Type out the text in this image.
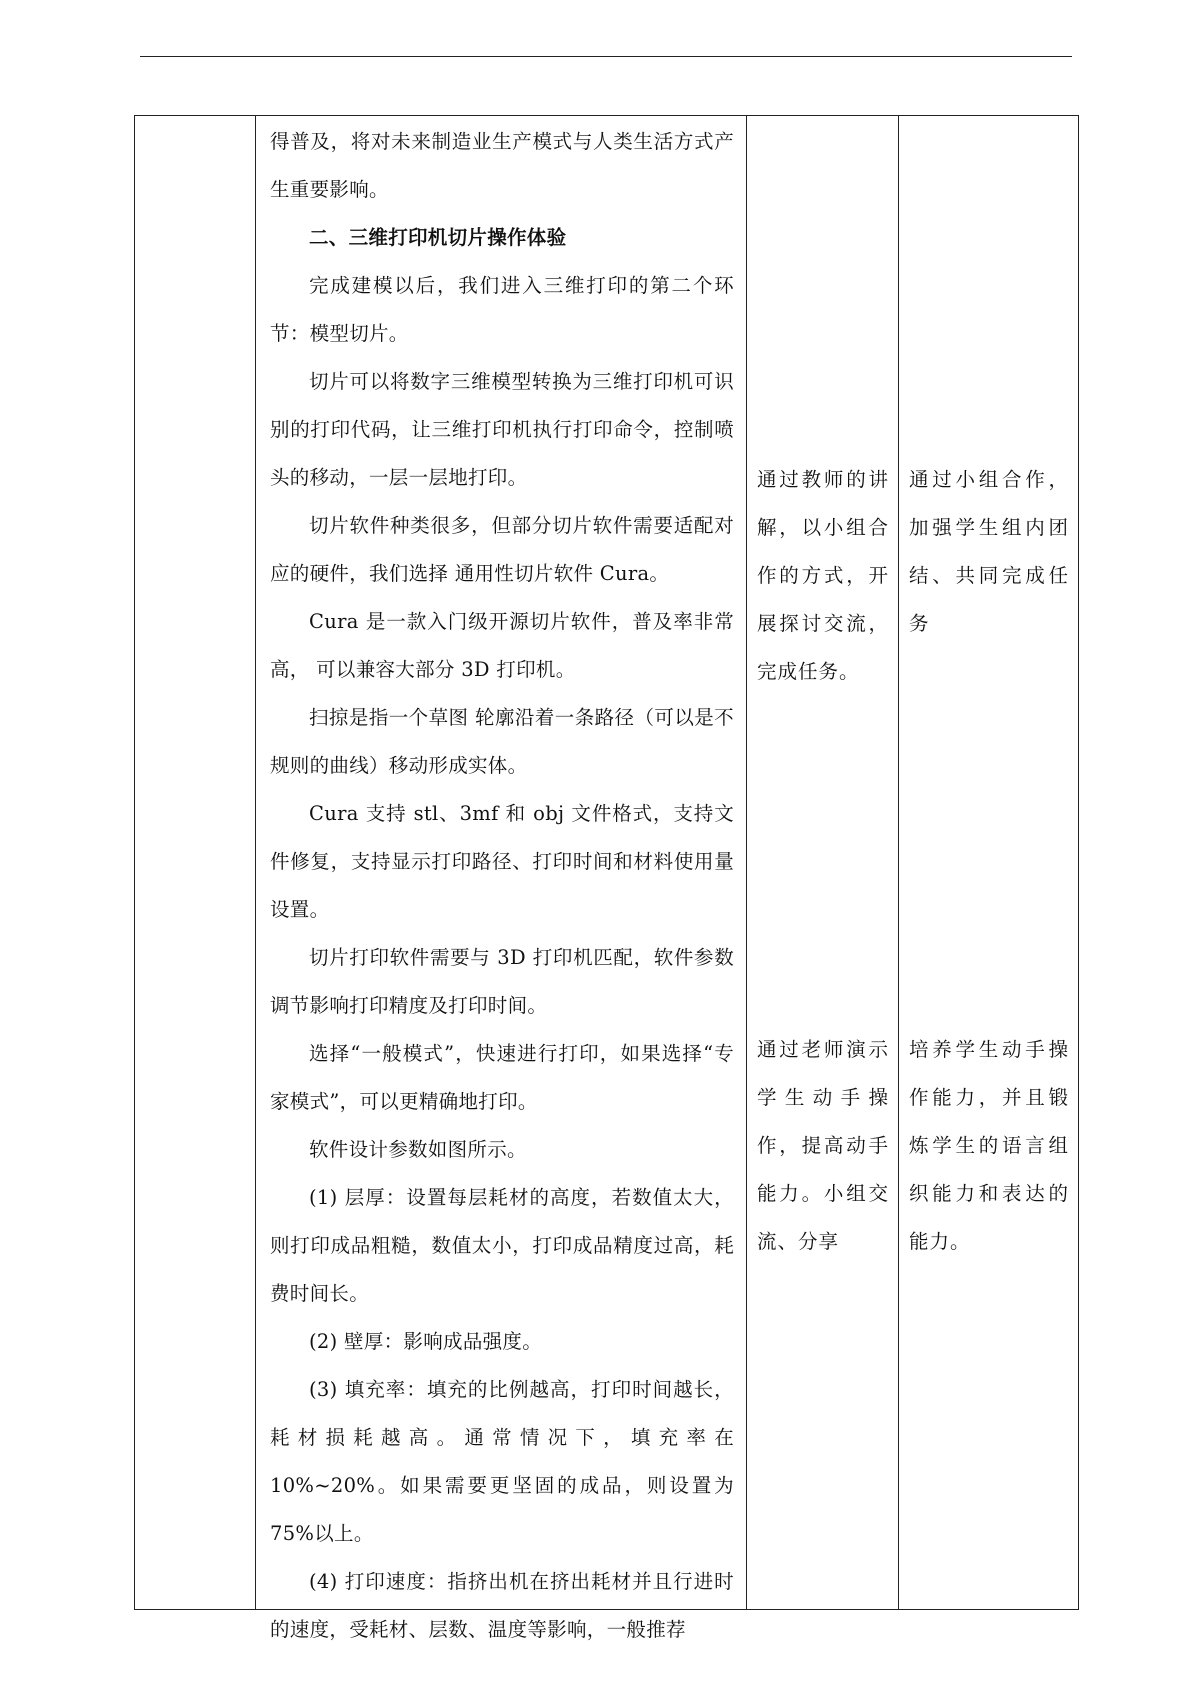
得普及，将对未来制造业生产模式与人类生活方式产生重要影响。

二、三维打印机切片操作体验

完成建模以后，我们进入三维打印的第二个环节：模型切片。

切片可以将数字三维模型转换为三维打印机可识别的打印代码，让三维打印机执行打印命令，控制喷头的移动，一层一层地打印。

切片软件种类很多，但部分切片软件需要适配对应的硬件，我们选择 通用性切片软件 Cura。

Cura 是一款入门级开源切片软件，普及率非常高， 可以兼容大部分 3D 打印机。

扫掠是指一个草图 轮廓沿着一条路径（可以是不规则的曲线）移动形成实体。

Cura 支持 stl、3mf 和 obj 文件格式，支持文件修复，支持显示打印路径、打印时间和材料使用量设置。

切片打印软件需要与 3D 打印机匹配，软件参数调节影响打印精度及打印时间。

选择“一般模式”，快速进行打印，如果选择“专家模式”，可以更精确地打印。

软件设计参数如图所示。

(1) 层厚：设置每层耗材的高度，若数值太大，则打印成品粗糙，数值太小，打印成品精度过高，耗费时间长。

(2) 壁厚：影响成品强度。

(3) 填充率：填充的比例越高，打印时间越长，耗材损耗越高。通常情况下，填充率在 10%~20%。如果需要更坚固的成品，则设置为 75%以上。

(4) 打印速度：指挤出机在挤出耗材并且行进时的速度，受耗材、层数、温度等影响，一般推荐

通过教师的讲解，以小组合作的方式，开展探讨交流，完成任务。

通过老师演示学生动手操作，提高动手能力。小组交流、分享

通过小组合作，加强学生组内团结、共同完成任务

培养学生动手操作能力，并且锻炼学生的语言组织能力和表达的能力。
